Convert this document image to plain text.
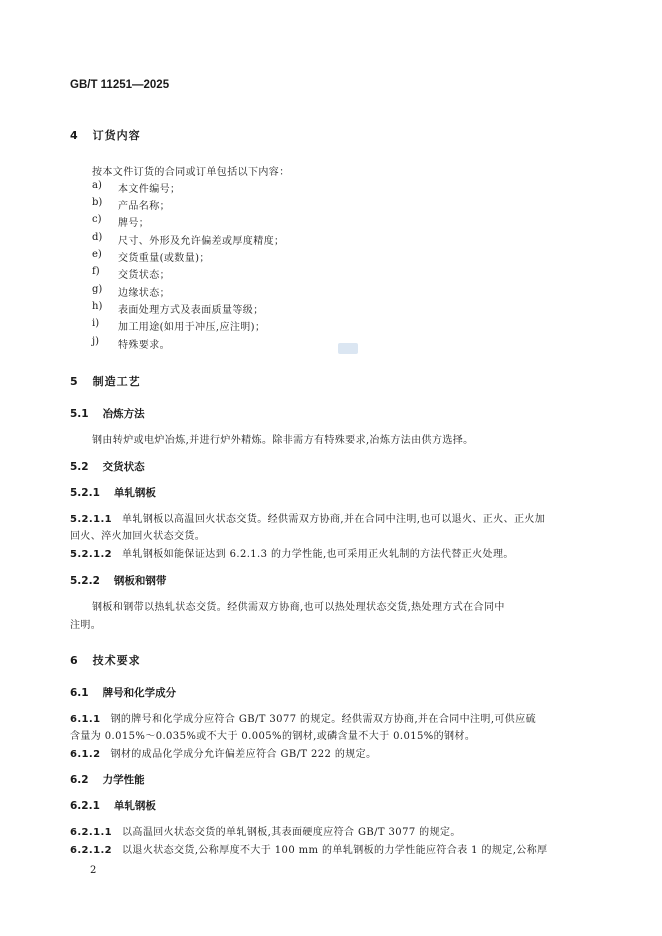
GB/T 11251—2025
4 订货内容
按本文件订货的合同或订单包括以下内容：
a) 本文件编号；
b) 产品名称；
c) 牌号；
d) 尺寸、外形及允许偏差或厚度精度；
e) 交货重量(或数量)；
f) 交货状态；
g) 边缘状态；
h) 表面处理方式及表面质量等级；
i) 加工用途(如用于冲压,应注明)；
j) 特殊要求。
5 制造工艺
5.1 冶炼方法
钢由转炉或电炉冶炼,并进行炉外精炼。除非需方有特殊要求,冶炼方法由供方选择。
5.2 交货状态
5.2.1 单轧钢板
5.2.1.1 单轧钢板以高温回火状态交货。经供需双方协商,并在合同中注明,也可以退火、正火、正火加
回火、淬火加回火状态交货。
5.2.1.2 单轧钢板如能保证达到 6.2.1.3 的力学性能,也可采用正火轧制的方法代替正火处理。
5.2.2 钢板和钢带
钢板和钢带以热轧状态交货。经供需双方协商,也可以热处理状态交货,热处理方式在合同中
注明。
6 技术要求
6.1 牌号和化学成分
6.1.1 钢的牌号和化学成分应符合 GB/T 3077 的规定。经供需双方协商,并在合同中注明,可供应硫
含量为 0.015%～0.035%或不大于 0.005%的钢材,或磷含量不大于 0.015%的钢材。
6.1.2 钢材的成品化学成分允许偏差应符合 GB/T 222 的规定。
6.2 力学性能
6.2.1 单轧钢板
6.2.1.1 以高温回火状态交货的单轧钢板,其表面硬度应符合 GB/T 3077 的规定。
6.2.1.2 以退火状态交货,公称厚度不大于 100 mm 的单轧钢板的力学性能应符合表 1 的规定,公称厚
2
